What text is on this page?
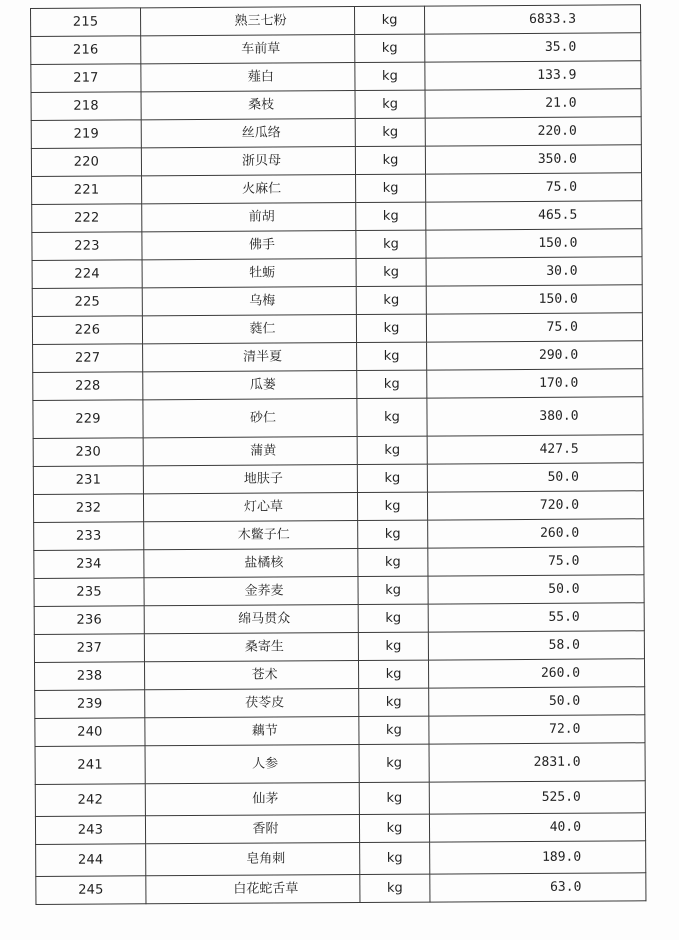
215	熟三七粉	kg	6833.3
216	车前草	kg	35.0
217	薤白	kg	133.9
218	桑枝	kg	21.0
219	丝瓜络	kg	220.0
220	浙贝母	kg	350.0
221	火麻仁	kg	75.0
222	前胡	kg	465.5
223	佛手	kg	150.0
224	牡蛎	kg	30.0
225	乌梅	kg	150.0
226	蕤仁	kg	75.0
227	清半夏	kg	290.0
228	瓜蒌	kg	170.0
229	砂仁	kg	380.0
230	蒲黄	kg	427.5
231	地肤子	kg	50.0
232	灯心草	kg	720.0
233	木鳖子仁	kg	260.0
234	盐橘核	kg	75.0
235	金荞麦	kg	50.0
236	绵马贯众	kg	55.0
237	桑寄生	kg	58.0
238	苍术	kg	260.0
239	茯苓皮	kg	50.0
240	藕节	kg	72.0
241	人参	kg	2831.0
242	仙茅	kg	525.0
243	香附	kg	40.0
244	皂角刺	kg	189.0
245	白花蛇舌草	kg	63.0
